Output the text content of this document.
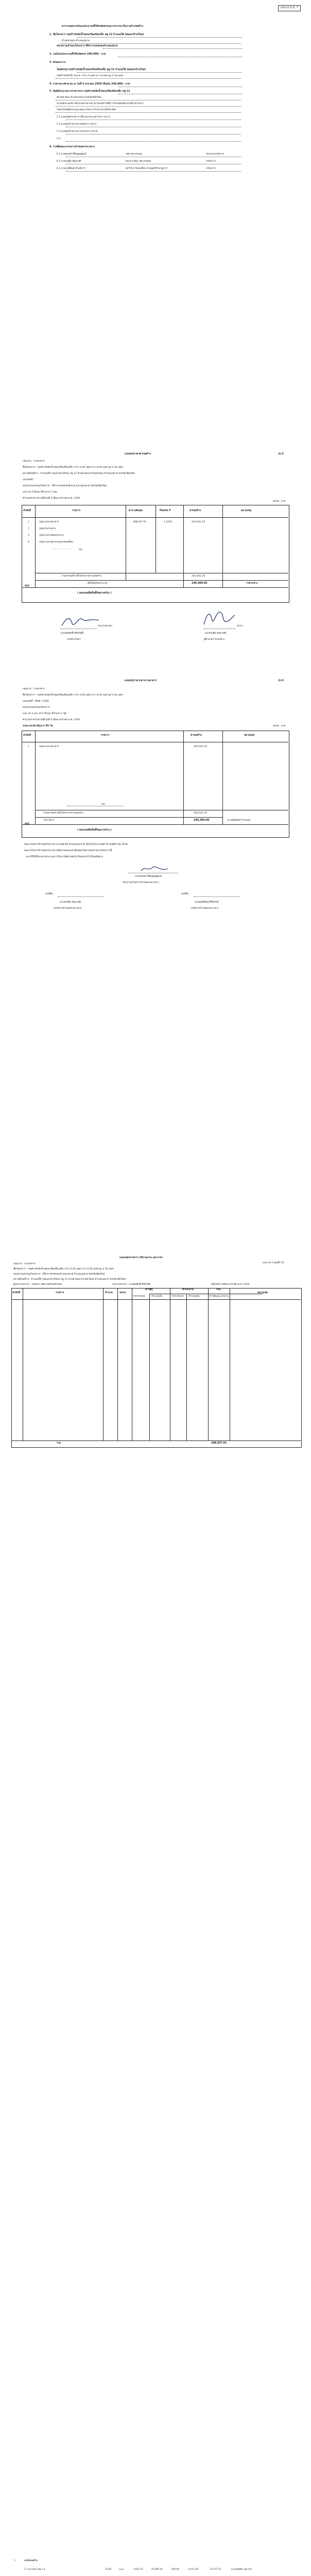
แบบ ป.ป.ช. 7
ตารางแสดงวงเงินงบประมาณที่ได้รับจัดสรรและราคากลางในงานจ้างก่อสร้าง
1. ชื่อโครงการ ก่อสร้างถังพักน้ำคอนกรีตเสริมเหล็ก หมู่ 12 บ้านแม่ใต้ (พ่อแอ่วบ้านใหม่)
ตำบลท่าตอน อำเภอแม่อาย
หน่วยงานเจ้าของโครงการ ที่ทำการปกครองอำเภอแม่อาย
2. วงเงินงบประมาณที่ได้รับจัดสรร 240,400.- บาท
3. ลักษณะงาน
โดยสังเขป ก่อสร้างถังพักน้ำคอนกรีตเสริมเหล็ก หมู่ 12 บ้านแม่ใต้ (พ่อแอ่วบ้านใหม่)
ก่อสร้างถังพักน้ำ ค.ส.ล. กว้าง 4 เมตร ยาว 8 เมตร สูง 2.30 เมตร
4. ราคากลางคำนวณ ณ วันที่ 4 มกราคม 2559 เป็นเงิน 240,400.- บาท
5. บัญชีประมาณการราคากลาง ก่อสร้างถังพักน้ำคอนกรีตเสริมเหล็ก หมู่ 12
ตำบลท่าตอน อำเภอแม่อาย จังหวัดเชียงใหม่
ตามหลักเกณฑ์การคำนวณราคากลางงานก่อสร้างที่มีการกำหนดหลักเกณฑ์ราคากลาง
โดยกรมบัญชีกลางและคณะกรรมการราคากลางที่เกี่ยวข้อง
5.1 แบบแสดงรายการ ปริมาณงาน และราคา (ปร.4)
5.2 แบบสรุปราคากลางก่อสร้าง (ปร.5)
5.3 แบบสรุปราคากลางงานกลาง (ปร.6)
5.4
6. รายชื่อคณะกรรมการกำหนดราคากลาง
6.1 นายณรงค์ ปิติบุญญพัฒน์	ปลัด ทต.ท่าตอน	ประธานกรรมการ
6.2 นายกฤติม พันธวงศ์	ผช.ช่างโยธา ทต.ท่าตอน	กรรมการ
6.3 นายกฤติพันธ์ คำมนิการ	นักวิชาการส่งเสริมการเกษตรชำนาญการ	กรรมการ
แบบสรุปราคาค่าก่อสร้าง	ปร.5
กลุ่มงาน : งานอาคาร
ชื่อโครงการ : ก่อสร้างถังพักน้ำคอนกรีตเสริมเหล็ก กว้าง 4.00 เมตร ยาว 8.00 เมตร สูง 2.30 เมตร
สถานที่ก่อสร้าง : บ้านแม่ใต้ (พ่อแอ่วบ้านใหม่) หมู่ 12 บ้านท่าตอน ตำบลท่าตอน อำเภอแม่อาย จังหวัดเชียงใหม่
แบบเลขที่ : -
หน่วยงานเจ้าของโครงการ : ที่ทำการปกครองอำเภอ อำเภอแม่อาย จังหวัดเชียงใหม่
แบบ ปร.4 ที่แนบ มีจำนวน 1 แผ่น
คำนวณราคากลางเมื่อวันที่ 4 เดือน มกราคม พ.ศ. 2559
หน่วย : บาท
ลำดับที่	รายการ	ค่างานต้นทุน	Factor F	ค่าก่อสร้าง	หมายเหตุ
1	กลุ่มงานงานอาคาร	188,937.01	1.2726	240,441.24
2	กลุ่มงานงานทาง
3	กลุ่มงานงานชลประทาน
4	กลุ่มงานงานสะพานและท่อเหลี่ยม
..........................	ฯลฯ
รวมค่าก่อสร้างทั้งโครงการ/งานก่อสร้าง	240,441.24
คิดเป็นเงินประมาณ	240,400.00	ราคากลาง
สรุป
( สองแสนสี่หมื่นสี่ร้อยบาทถ้วน )
ประมาณราคา
(นายสมศักดิ์ ศรีสวัสดิ์)
นายช่างโยธา
ตรวจ
(นายกฤติม พันธวงศ์)
ผู้อำนวยการกองช่าง
แบบสรุปราคากลางงานอาคาร	ปร.6
กลุ่มงาน : งานอาคาร
ชื่อโครงการ : ก่อสร้างถังพักน้ำคอนกรีตเสริมเหล็ก กว้าง 4.00 เมตร ยาว 8.00 เมตร สูง 2.30 เมตร
แบบเลขที่ : ที่/พศ / 2558
หน่วยงานเจ้าของโครงการ
แบบ ปร.4 และ ปร.5 ที่แนบ มีจำนวน 1 ชุด
คำนวณราคากลางเมื่อวันที่ 4 เดือน มกราคม พ.ศ. 2559
ระยะเวลาดำเนินการ 45 วัน	หน่วย : บาท
ลำดับที่	รายการ	ค่าก่อสร้าง	หมายเหตุ
1	กลุ่มงานงานอาคาร	240,441.24
ฯลฯ
รวมค่าก่อสร้างทั้งโครงการ/งานก่อสร้าง	240,441.24
ราคากลาง	240,400.00	ค่าเฉลี่ยต่อตารางเมตร
สรุป
( สองแสนสี่หมื่นสี่ร้อยบาทถ้วน )
- คณะกรรมการกำหนดราคากลาง ตามคำสั่ง อำเภอแม่อาย ที่ 392/2558 ลงวันที่ 16 พฤศจิกายน 2558
- คณะกรรมการกำหนดราคากลางได้ตรวจสอบแล้วเห็นชอบกับค่าก่อสร้างตามโครงการนี้
และให้ใช้เป็นราคาประมาณการในการจัดจ้างต่อไป จึงลงนามไว้เป็นหลักฐาน
(นายณรงค์ ปิติบุญญพัฒน์)
ประธานกรรมการกำหนดราคากลาง
(ลงชื่อ)
(นายกฤติม พันธวงศ์)
กรรมการกำหนดราคากลาง
(ลงชื่อ)
(นายฤทธิพันธุ์ ศิริสรรพ์)
กรรมการกำหนดราคากลาง
แบบแสดงรายการ ปริมาณงาน และราคา
แบบ ปร.4 แผ่นที่ 1/1
กลุ่มงาน : งานอาคาร
ชื่อโครงการ : ก่อสร้างถังพักน้ำคอนกรีตเสริมเหล็ก กว้าง 4.00 เมตร ยาว 8.00 เมตร สูง 2.30 เมตร
หน่วยงานเจ้าของโครงการ : ที่ทำการปกครองอำเภอแม่อาย อำเภอแม่อาย จังหวัดเชียงใหม่
สถานที่ก่อสร้าง : บ้านแม่ใต้ (พ่อแอ่วบ้านใหม่) หมู่ 12 บ้านท่าตอน ตำบลท่าตอน อำเภอแม่อาย จังหวัดเชียงใหม่
ผู้ประมาณราคา : กองช่าง เทศบาลตำบลท่าตอน	ประมาณราคา : นายสมศักดิ์ ศรีสวัสดิ์	เมื่อวันที่ 4 เดือน มกราคม พ.ศ. 2559
ลำดับที่	รายการ	จำนวน	หน่วย
ค่าวัสดุ	ค่าแรงงาน	รวม
หมายเหตุ
ราคา/หน่วย	จำนวนเงิน	ราคา/หน่วย จำนวนเงิน	ค่าวัสดุและแรงงาน
1	งานโครงสร้าง
1.1 ทรายหยาบอัด x 2	13.84	ลบ.ม.	1,811.14	25,066.18	456.00	6,311.04	31,377.22	ตามบัญชีอื่นฯ ผู้ขายไว้
รวม	188,937.01
